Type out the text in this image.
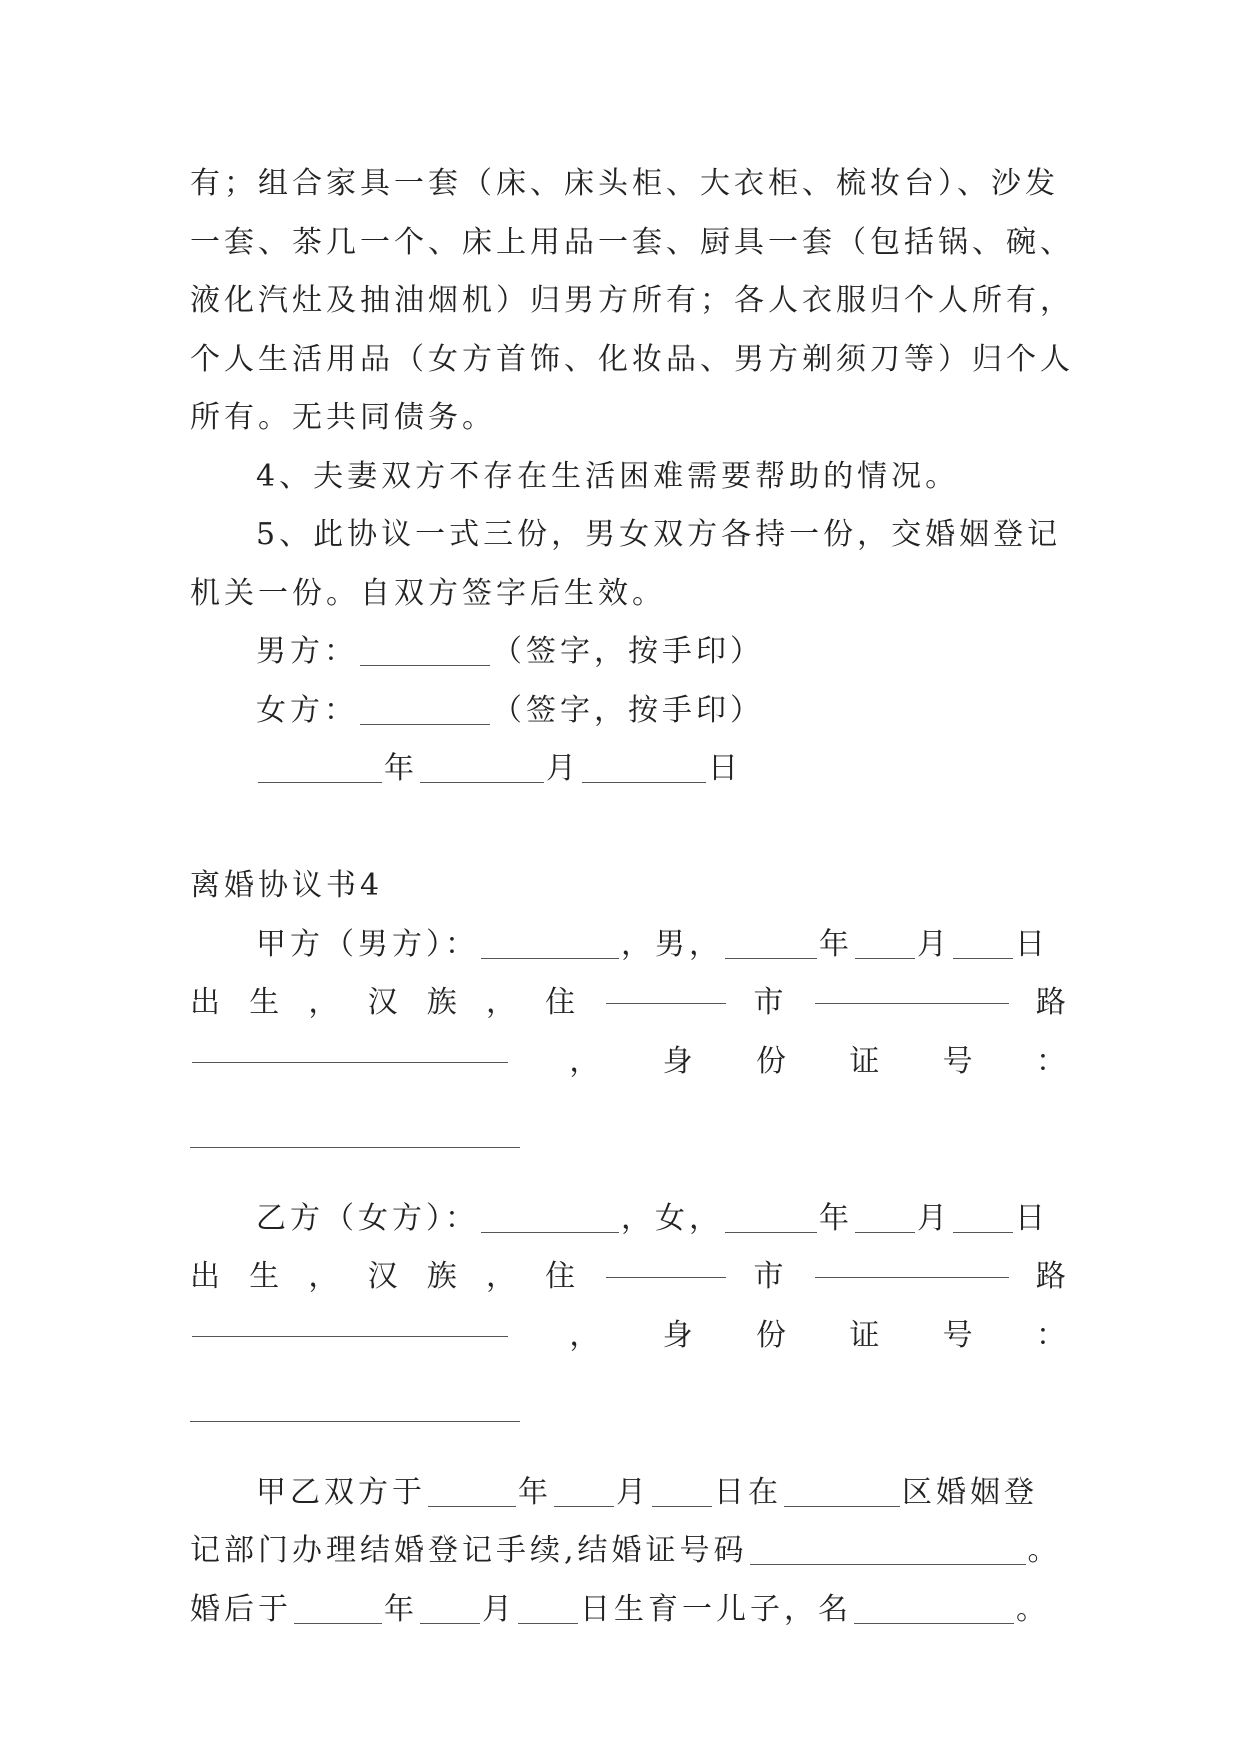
有；组合家具一套（床、床头柜、大衣柜、梳妆台）、沙发
一套、茶几一个、床上用品一套、厨具一套（包括锅、碗、
液化汽灶及抽油烟机）归男方所有；各人衣服归个人所有，
个人生活用品（女方首饰、化妆品、男方剃须刀等）归个人
所有。无共同债务。
4、夫妻双方不存在生活困难需要帮助的情况。
5、此协议一式三份，男女双方各持一份，交婚姻登记
机关一份。自双方签字后生效。
男方：	（签字，按手印）
女方：	（签字，按手印）
年	月	日
离婚协议书4
甲方（男方）：	，男，	年 月 日
出 生 ， 汉 族 ， 住	市	路
， 身 份 证 号 ：
乙方（女方）：	，女，	年 月 日
出 生 ， 汉 族 ， 住	市	路
， 身 份 证 号 ：
甲乙双方于	年 月 日在	区婚姻登
记部门办理结婚登记手续,结婚证号码	。
婚后于	年 月 日生育一儿子，名	。
